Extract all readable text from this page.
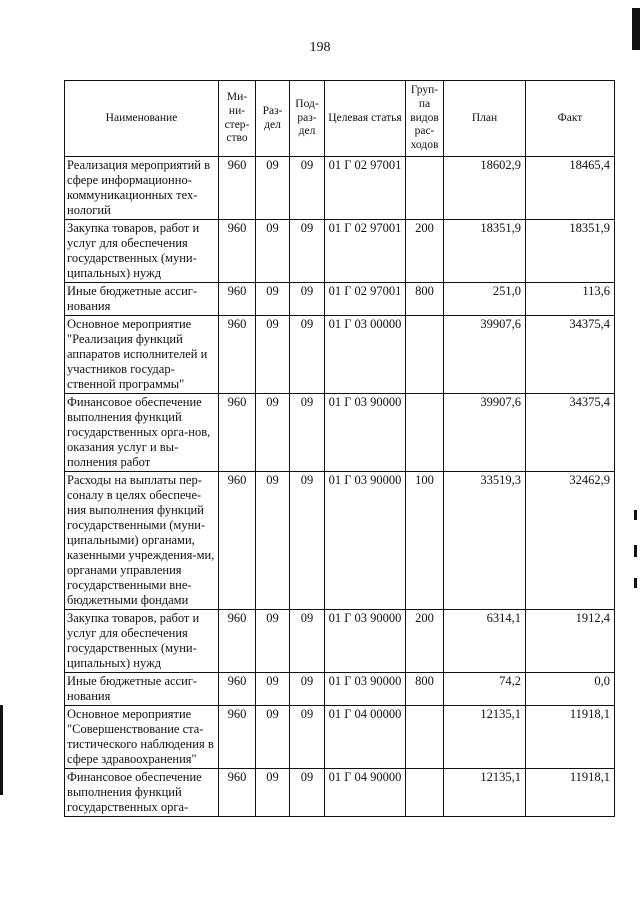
198
Наименование	Ми-ни-стер-ство	Раз-дел	Под-раз-дел	Целевая статья	Груп-па видов рас-ходов	План	Факт
Реализация мероприятий в сфере информационно-коммуникационных тех-нологий	960	09	09	01 Г 02 97001		18602,9	18465,4
Закупка товаров, работ и услуг для обеспечения государственных (муни-ципальных) нужд	960	09	09	01 Г 02 97001	200	18351,9	18351,9
Иные бюджетные ассиг-нования	960	09	09	01 Г 02 97001	800	251,0	113,6
Основное мероприятие "Реализация функций аппаратов исполнителей и участников государ-ственной программы"	960	09	09	01 Г 03 00000		39907,6	34375,4
Финансовое обеспечение выполнения функций государственных орга-нов, оказания услуг и вы-полнения работ	960	09	09	01 Г 03 90000		39907,6	34375,4
Расходы на выплаты пер-соналу в целях обеспече-ния выполнения функций государственными (муни-ципальными) органами, казенными учреждения-ми, органами управления государственными вне-бюджетными фондами	960	09	09	01 Г 03 90000	100	33519,3	32462,9
Закупка товаров, работ и услуг для обеспечения государственных (муни-ципальных) нужд	960	09	09	01 Г 03 90000	200	6314,1	1912,4
Иные бюджетные ассиг-нования	960	09	09	01 Г 03 90000	800	74,2	0,0
Основное мероприятие "Совершенствование ста-тистического наблюдения в сфере здравоохранения"	960	09	09	01 Г 04 00000		12135,1	11918,1
Финансовое обеспечение выполнения функций государственных орга-	960	09	09	01 Г 04 90000		12135,1	11918,1
